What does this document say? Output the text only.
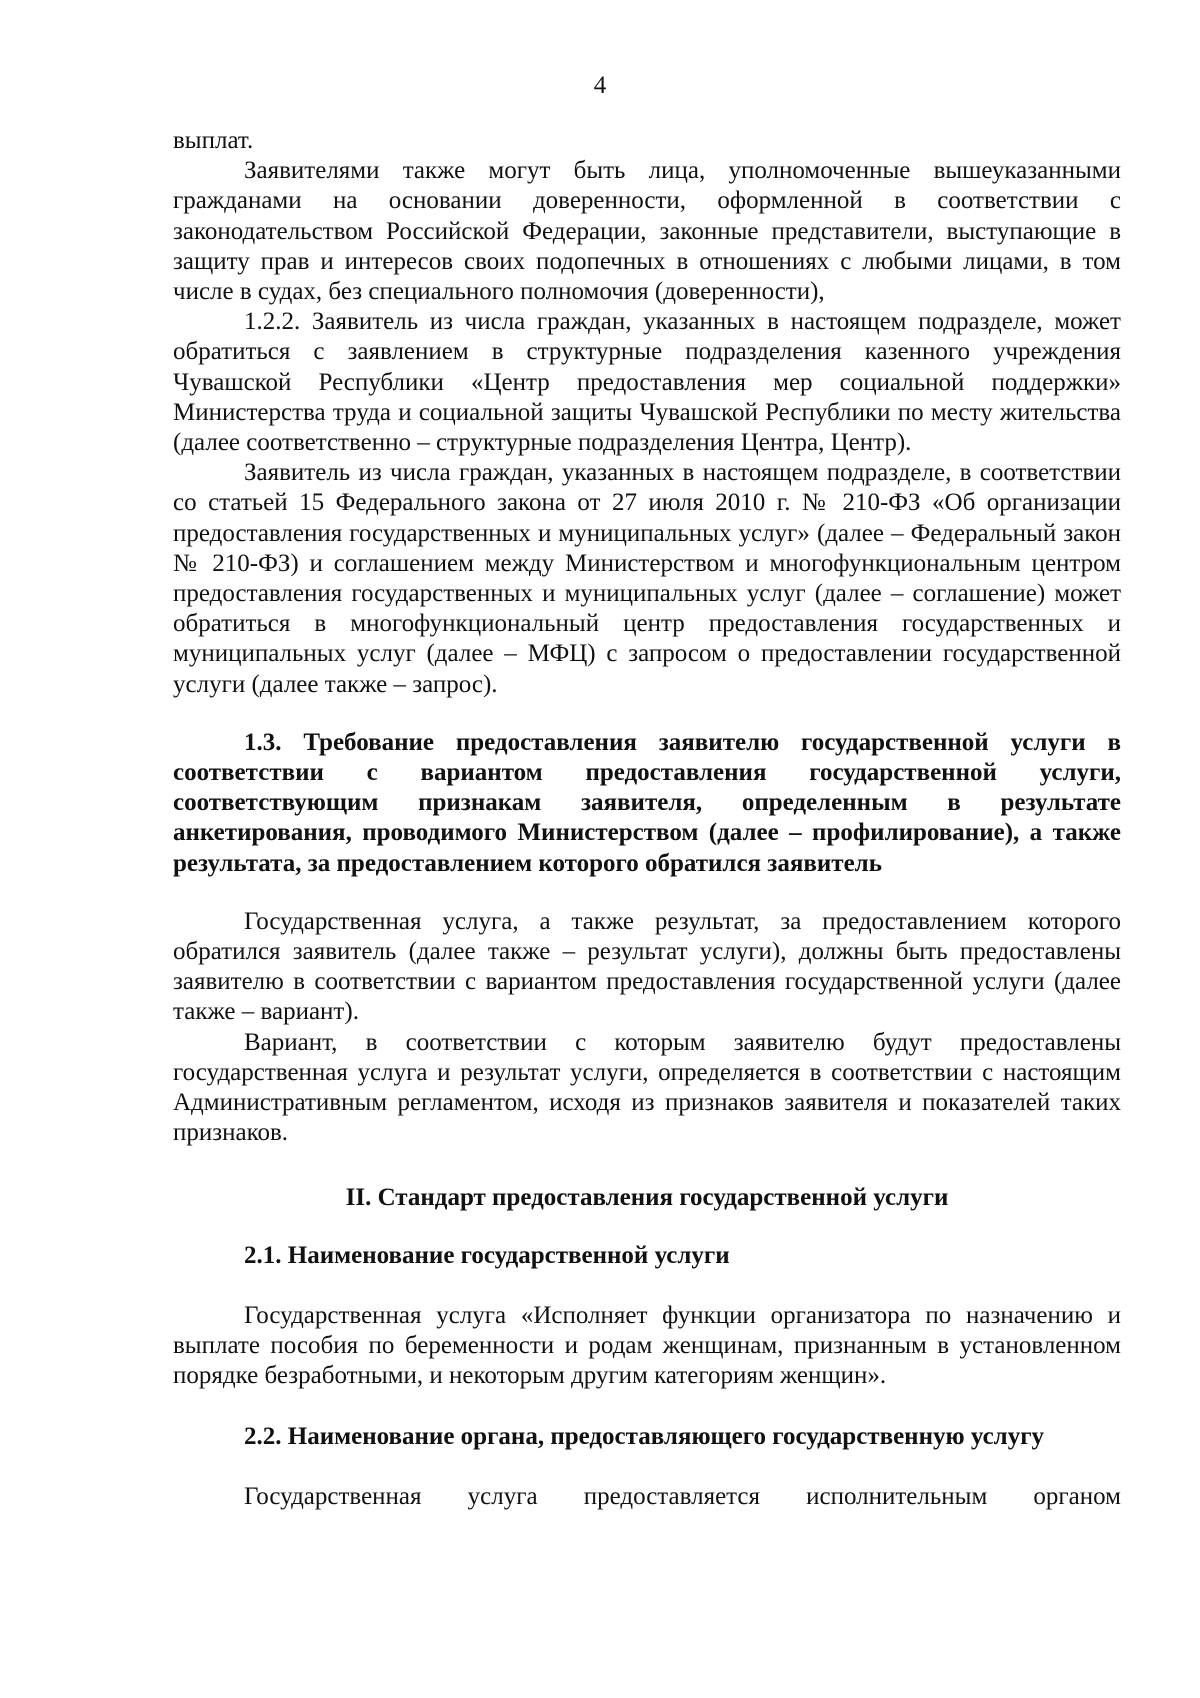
4

выплат.

Заявителями также могут быть лица, уполномоченные вышеуказанными гражданами на основании доверенности, оформленной в соответствии с законодательством Российской Федерации, законные представители, выступающие в защиту прав и интересов своих подопечных в отношениях с любыми лицами, в том числе в судах, без специального полномочия (доверенности),

1.2.2. Заявитель из числа граждан, указанных в настоящем подразделе, может обратиться с заявлением в структурные подразделения казенного учреждения Чувашской Республики «Центр предоставления мер социальной поддержки» Министерства труда и социальной защиты Чувашской Республики по месту жительства (далее соответственно – структурные подразделения Центра, Центр).

Заявитель из числа граждан, указанных в настоящем подразделе, в соответствии со статьей 15 Федерального закона от 27 июля 2010 г. № 210-ФЗ «Об организации предоставления государственных и муниципальных услуг» (далее – Федеральный закон № 210-ФЗ) и соглашением между Министерством и многофункциональным центром предоставления государственных и муниципальных услуг (далее – соглашение) может обратиться в многофункциональный центр предоставления государственных и муниципальных услуг (далее – МФЦ) с запросом о предоставлении государственной услуги (далее также – запрос).

1.3. Требование предоставления заявителю государственной услуги в соответствии с вариантом предоставления государственной услуги, соответствующим признакам заявителя, определенным в результате анкетирования, проводимого Министерством (далее – профилирование), а также результата, за предоставлением которого обратился заявитель

Государственная услуга, а также результат, за предоставлением которого обратился заявитель (далее также – результат услуги), должны быть предоставлены заявителю в соответствии с вариантом предоставления государственной услуги (далее также – вариант).

Вариант, в соответствии с которым заявителю будут предоставлены государственная услуга и результат услуги, определяется в соответствии с настоящим Административным регламентом, исходя из признаков заявителя и показателей таких признаков.

II. Стандарт предоставления государственной услуги

2.1. Наименование государственной услуги

Государственная услуга «Исполняет функции организатора по назначению и выплате пособия по беременности и родам женщинам, признанным в установленном порядке безработными, и некоторым другим категориям женщин».

2.2. Наименование органа, предоставляющего государственную услугу

Государственная услуга предоставляется исполнительным органом
